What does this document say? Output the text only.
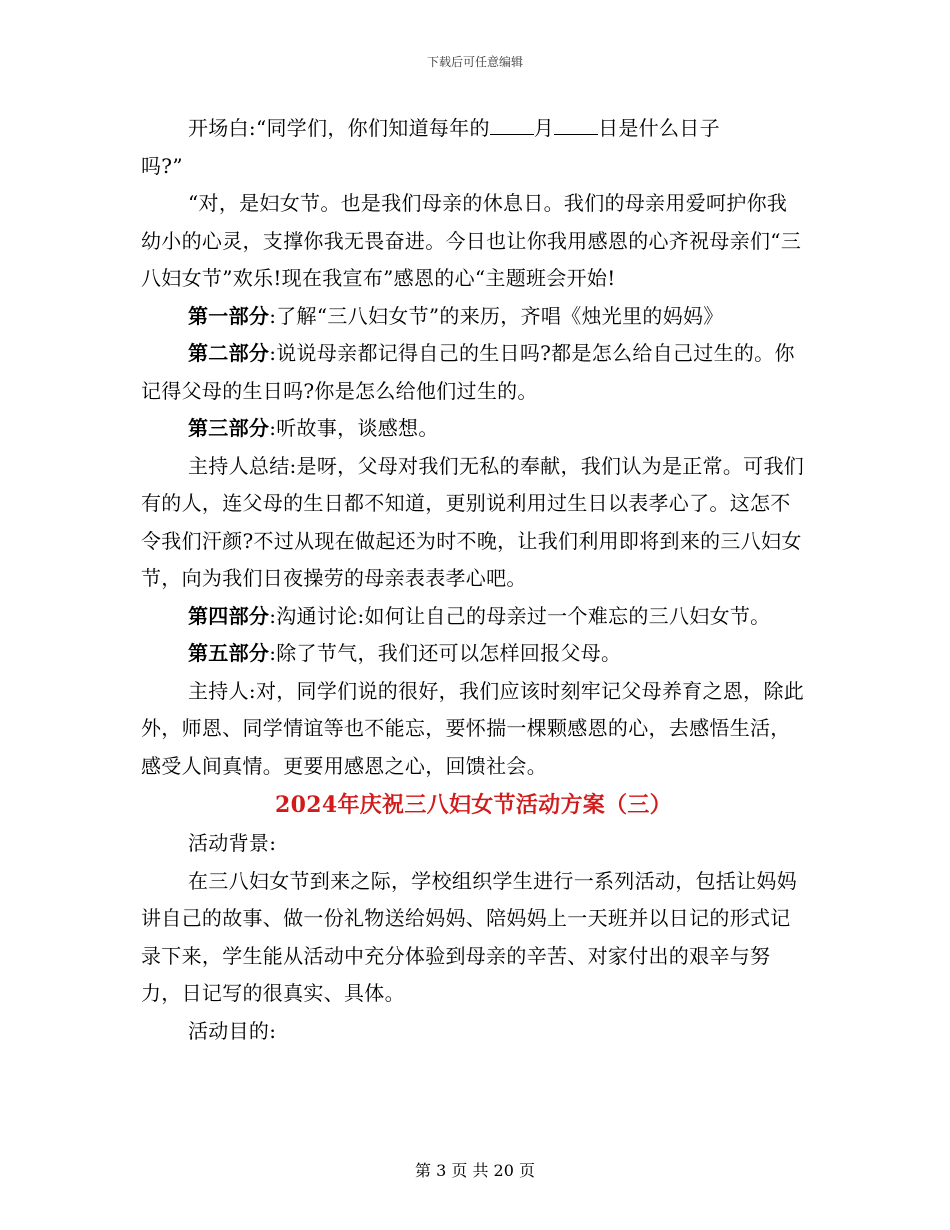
下载后可任意编辑

开场白:“同学们，你们知道每年的 月 日是什么日子

吗?”

“对，是妇女节。也是我们母亲的休息日。我们的母亲用爱呵护你我幼小的心灵，支撑你我无畏奋进。今日也让你我用感恩的心齐祝母亲们“三八妇女节”欢乐!现在我宣布”感恩的心“主题班会开始!

第一部分:了解“三八妇女节”的来历，齐唱《烛光里的妈妈》

第二部分:说说母亲都记得自己的生日吗?都是怎么给自己过生的。你记得父母的生日吗?你是怎么给他们过生的。

第三部分:听故事，谈感想。

主持人总结:是呀，父母对我们无私的奉献，我们认为是正常。可我们有的人，连父母的生日都不知道，更别说利用过生日以表孝心了。这怎不令我们汗颜?不过从现在做起还为时不晚，让我们利用即将到来的三八妇女节，向为我们日夜操劳的母亲表表孝心吧。

第四部分:沟通讨论:如何让自己的母亲过一个难忘的三八妇女节。

第五部分:除了节气，我们还可以怎样回报父母。

主持人:对，同学们说的很好，我们应该时刻牢记父母养育之恩，除此外，师恩、同学情谊等也不能忘，要怀揣一棵颗感恩的心，去感悟生活，感受人间真情。更要用感恩之心，回馈社会。

2024年庆祝三八妇女节活动方案（三）

活动背景:

在三八妇女节到来之际，学校组织学生进行一系列活动，包括让妈妈讲自己的故事、做一份礼物送给妈妈、陪妈妈上一天班并以日记的形式记录下来，学生能从活动中充分体验到母亲的辛苦、对家付出的艰辛与努力，日记写的很真实、具体。

活动目的:

第 3 页 共 20 页
